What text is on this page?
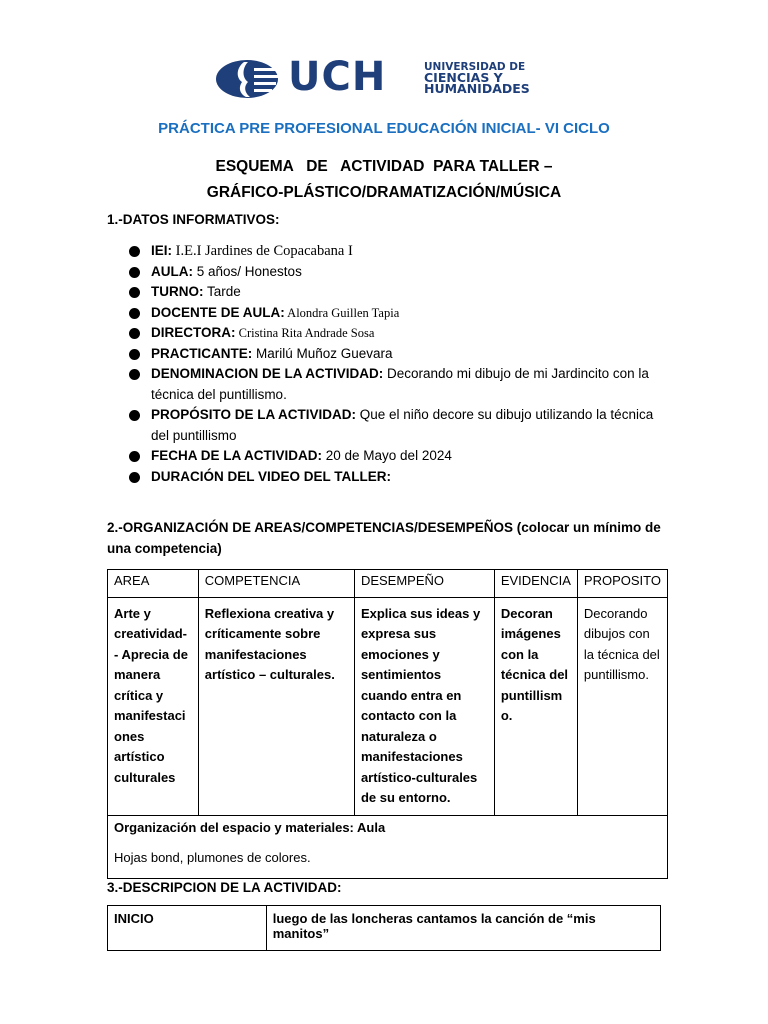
UCH	UNIVERSIDAD DE
CIENCIAS Y
HUMANIDADES
PRÁCTICA PRE PROFESIONAL EDUCACIÓN INICIAL- VI CICLO
ESQUEMA   DE   ACTIVIDAD  PARA TALLER –
GRÁFICO-PLÁSTICO/DRAMATIZACIÓN/MÚSICA
1.-DATOS INFORMATIVOS:
IEI: I.E.I Jardines de Copacabana I
AULA: 5 años/ Honestos
TURNO: Tarde
DOCENTE DE AULA: Alondra Guillen Tapia
DIRECTORA: Cristina Rita Andrade Sosa
PRACTICANTE: Marilú Muñoz Guevara
DENOMINACION DE LA ACTIVIDAD: Decorando mi dibujo de mi Jardincito con la técnica del puntillismo.
PROPÓSITO DE LA ACTIVIDAD: Que el niño decore su dibujo utilizando la técnica del puntillismo
FECHA DE LA ACTIVIDAD: 20 de Mayo del 2024
DURACIÓN DEL VIDEO DEL TALLER:
2.-ORGANIZACIÓN DE AREAS/COMPETENCIAS/DESEMPEÑOS (colocar un mínimo de una competencia)
AREA	COMPETENCIA	DESEMPEÑO	EVIDENCIA	PROPOSITO
Arte y creatividad- - Aprecia de manera crítica y manifestaci ones artístico culturales	Reflexiona creativa y críticamente sobre manifestaciones artístico – culturales.	Explica sus ideas y expresa sus emociones y sentimientos cuando entra en contacto con la naturaleza o manifestaciones artístico-culturales de su entorno.	Decoran imágenes con la técnica del puntillism o.	Decorando dibujos con la técnica del puntillismo.

Organización del espacio y materiales: Aula
Hojas bond, plumones de colores.				
3.-DESCRIPCION DE LA ACTIVIDAD:
INICIO	luego de las loncheras cantamos la canción de “mis manitos”
